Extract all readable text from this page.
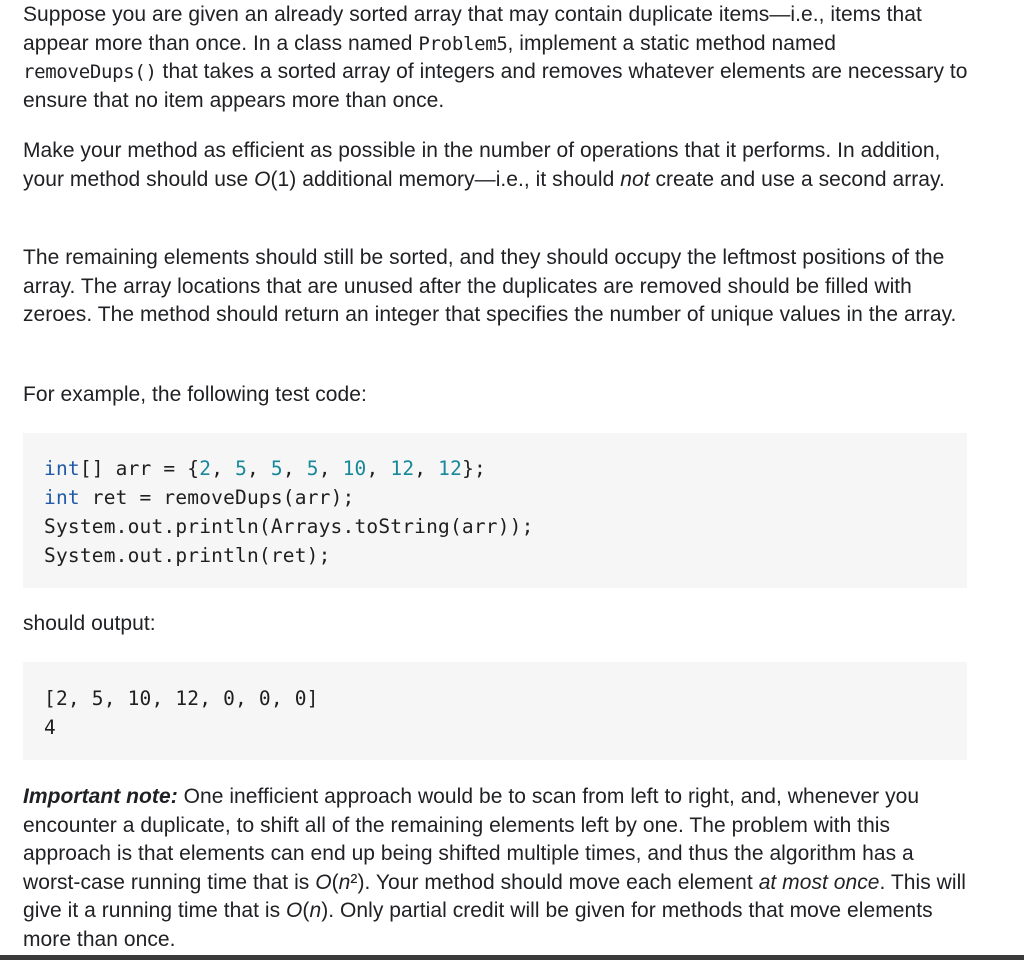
Suppose you are given an already sorted array that may contain duplicate items—i.e., items that appear more than once. In a class named Problem5, implement a static method named removeDups() that takes a sorted array of integers and removes whatever elements are necessary to ensure that no item appears more than once.

Make your method as efficient as possible in the number of operations that it performs. In addition, your method should use O(1) additional memory—i.e., it should not create and use a second array.

The remaining elements should still be sorted, and they should occupy the leftmost positions of the array. The array locations that are unused after the duplicates are removed should be filled with zeroes. The method should return an integer that specifies the number of unique values in the array.

For example, the following test code:

int[] arr = {2, 5, 5, 5, 10, 12, 12};
int ret = removeDups(arr);
System.out.println(Arrays.toString(arr));
System.out.println(ret);

should output:

[2, 5, 10, 12, 0, 0, 0]
4

Important note: One inefficient approach would be to scan from left to right, and, whenever you encounter a duplicate, to shift all of the remaining elements left by one. The problem with this approach is that elements can end up being shifted multiple times, and thus the algorithm has a worst-case running time that is O(n²). Your method should move each element at most once. This will give it a running time that is O(n). Only partial credit will be given for methods that move elements more than once.
